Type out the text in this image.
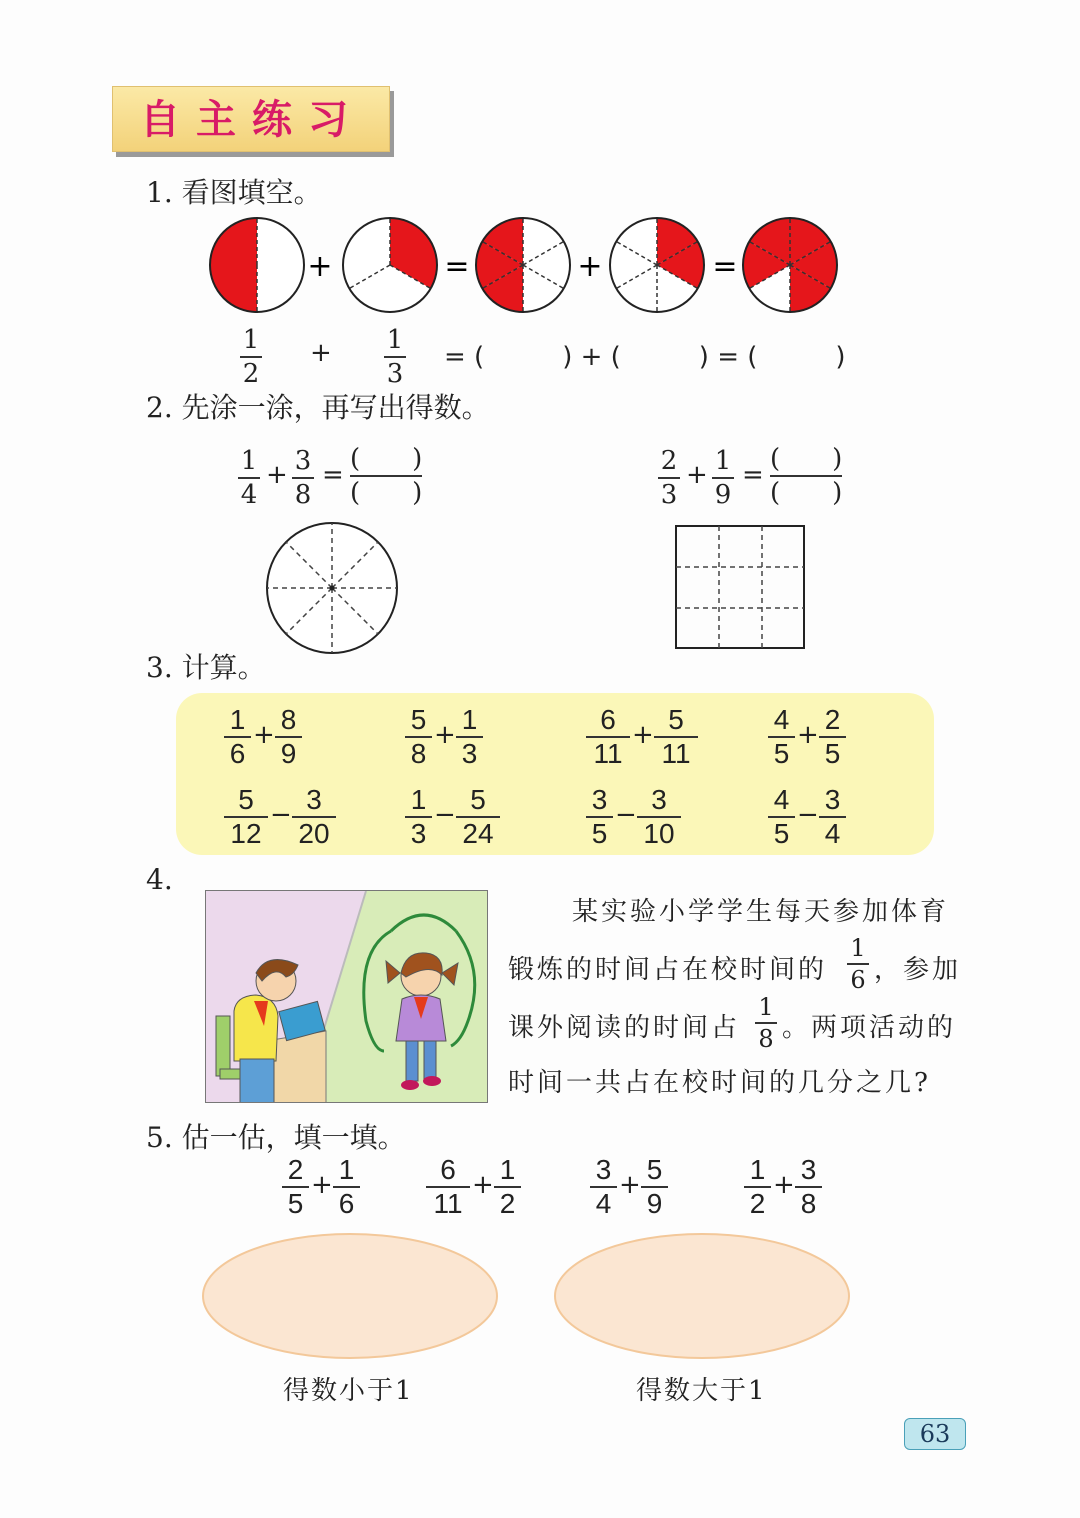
自主练习
1. 看图填空。
+	=	+	=
1
2
+ 1
3
= (　　　) + (　　　) = (　　　)
2. 先涂一涂，再写出得数。
1
4
+ 3
8
=
(　　)
(　　)
2
3
+ 1
9
=
(　　)
(　　)
3. 计算。
1
6
+ 8
9
5
8
+ 1
3
6
11
+ 5
11
4
5
+ 2
5
5
12
− 3
20
1
3
− 5
24
3
5
− 3
10
4
5
− 3
4
4.
某实验小学学生每天参加体育
锻炼的时间占在校时间的
1
6 ，参加
课外阅读的时间占
1
8 。两项活动的
时间一共占在校时间的几分之几?
5. 估一估，填一填。
2
5
+ 1
6
6
11
+ 1
2
3
4
+ 5
9
1
2
+ 3
8
得数小于1	得数大于1
63
